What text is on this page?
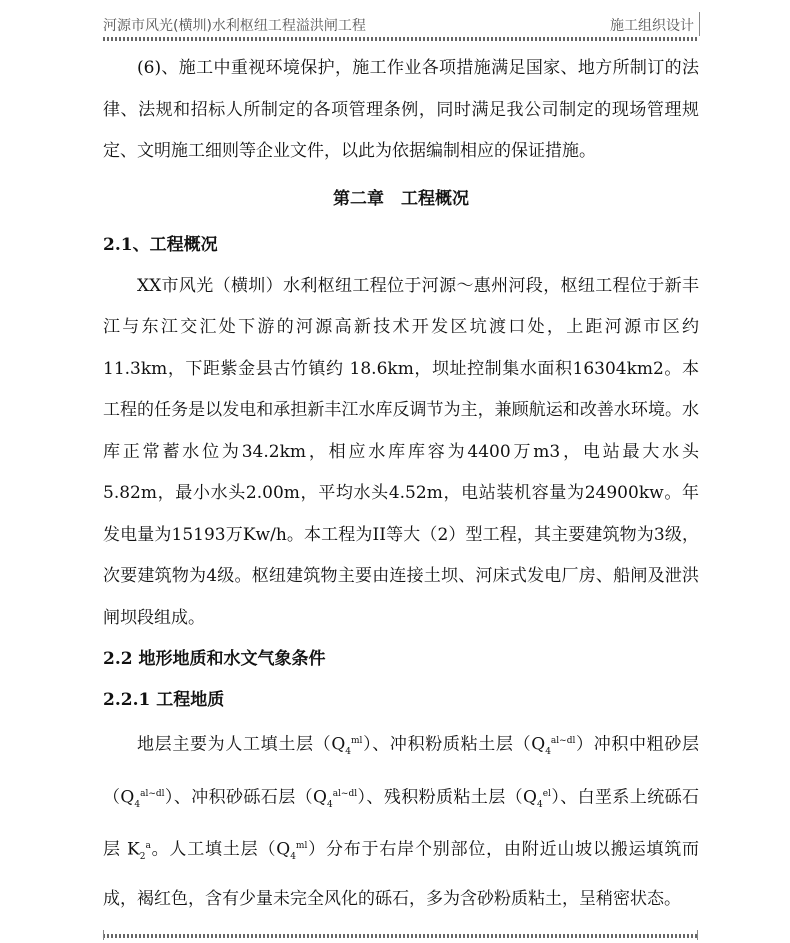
河源市风光(横圳)水利枢纽工程溢洪闸工程	施工组织设计

(6)、施工中重视环境保护，施工作业各项措施满足国家、地方所制订的法律、法规和招标人所制定的各项管理条例，同时满足我公司制定的现场管理规定、文明施工细则等企业文件，以此为依据编制相应的保证措施。

第二章　工程概况

2.1、工程概况

XX市风光（横圳）水利枢纽工程位于河源～惠州河段，枢纽工程位于新丰江与东江交汇处下游的河源高新技术开发区坑渡口处，上距河源市区约 11.3km，下距紫金县古竹镇约 18.6km，坝址控制集水面积16304km2。本工程的任务是以发电和承担新丰江水库反调节为主，兼顾航运和改善水环境。水库正常蓄水位为34.2km，相应水库库容为4400万m3，电站最大水头5.82m，最小水头2.00m，平均水头4.52m，电站装机容量为24900kw。年发电量为15193万Kw/h。本工程为II等大（2）型工程，其主要建筑物为3级，次要建筑物为4级。枢纽建筑物主要由连接土坝、河床式发电厂房、船闸及泄洪闸坝段组成。

2.2 地形地质和水文气象条件

2.2.1 工程地质

地层主要为人工填土层$(Q_4^{ml})$、冲积粉质粘土层$(Q_4^{al\sim dl})$冲积中粗砂层$(Q_4^{al\sim dl})$、冲积砂砾石层$(Q_4^{al\sim dl})$、残积粉质粘土层$(Q_4^{el})$、白垩系上统砾石层 $K_2^a$。人工填土层$(Q_4^{ml})$分布于右岸个别部位，由附近山坡以搬运填筑而成，褐红色，含有少量未完全风化的砾石，多为含砂粉质粘土，呈稍密状态。
